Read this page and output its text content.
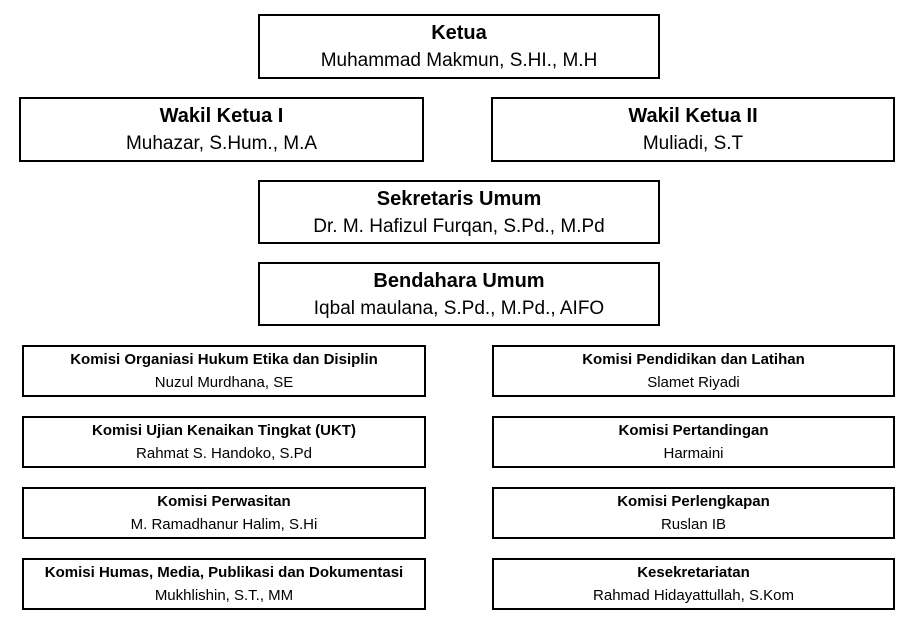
Ketua
Muhammad Makmun, S.HI., M.H
Wakil Ketua I
Muhazar, S.Hum., M.A
Wakil Ketua II
Muliadi, S.T
Sekretaris Umum
Dr. M. Hafizul Furqan, S.Pd., M.Pd
Bendahara Umum
Iqbal maulana, S.Pd., M.Pd., AIFO
Komisi Organiasi Hukum Etika dan Disiplin
Nuzul Murdhana, SE
Komisi Pendidikan dan Latihan
Slamet Riyadi
Komisi Ujian Kenaikan Tingkat (UKT)
Rahmat S. Handoko, S.Pd
Komisi Pertandingan
Harmaini
Komisi Perwasitan
M. Ramadhanur Halim, S.Hi
Komisi Perlengkapan
Ruslan IB
Komisi Humas, Media, Publikasi dan Dokumentasi
Mukhlishin, S.T., MM
Kesekretariatan
Rahmad Hidayattullah, S.Kom
